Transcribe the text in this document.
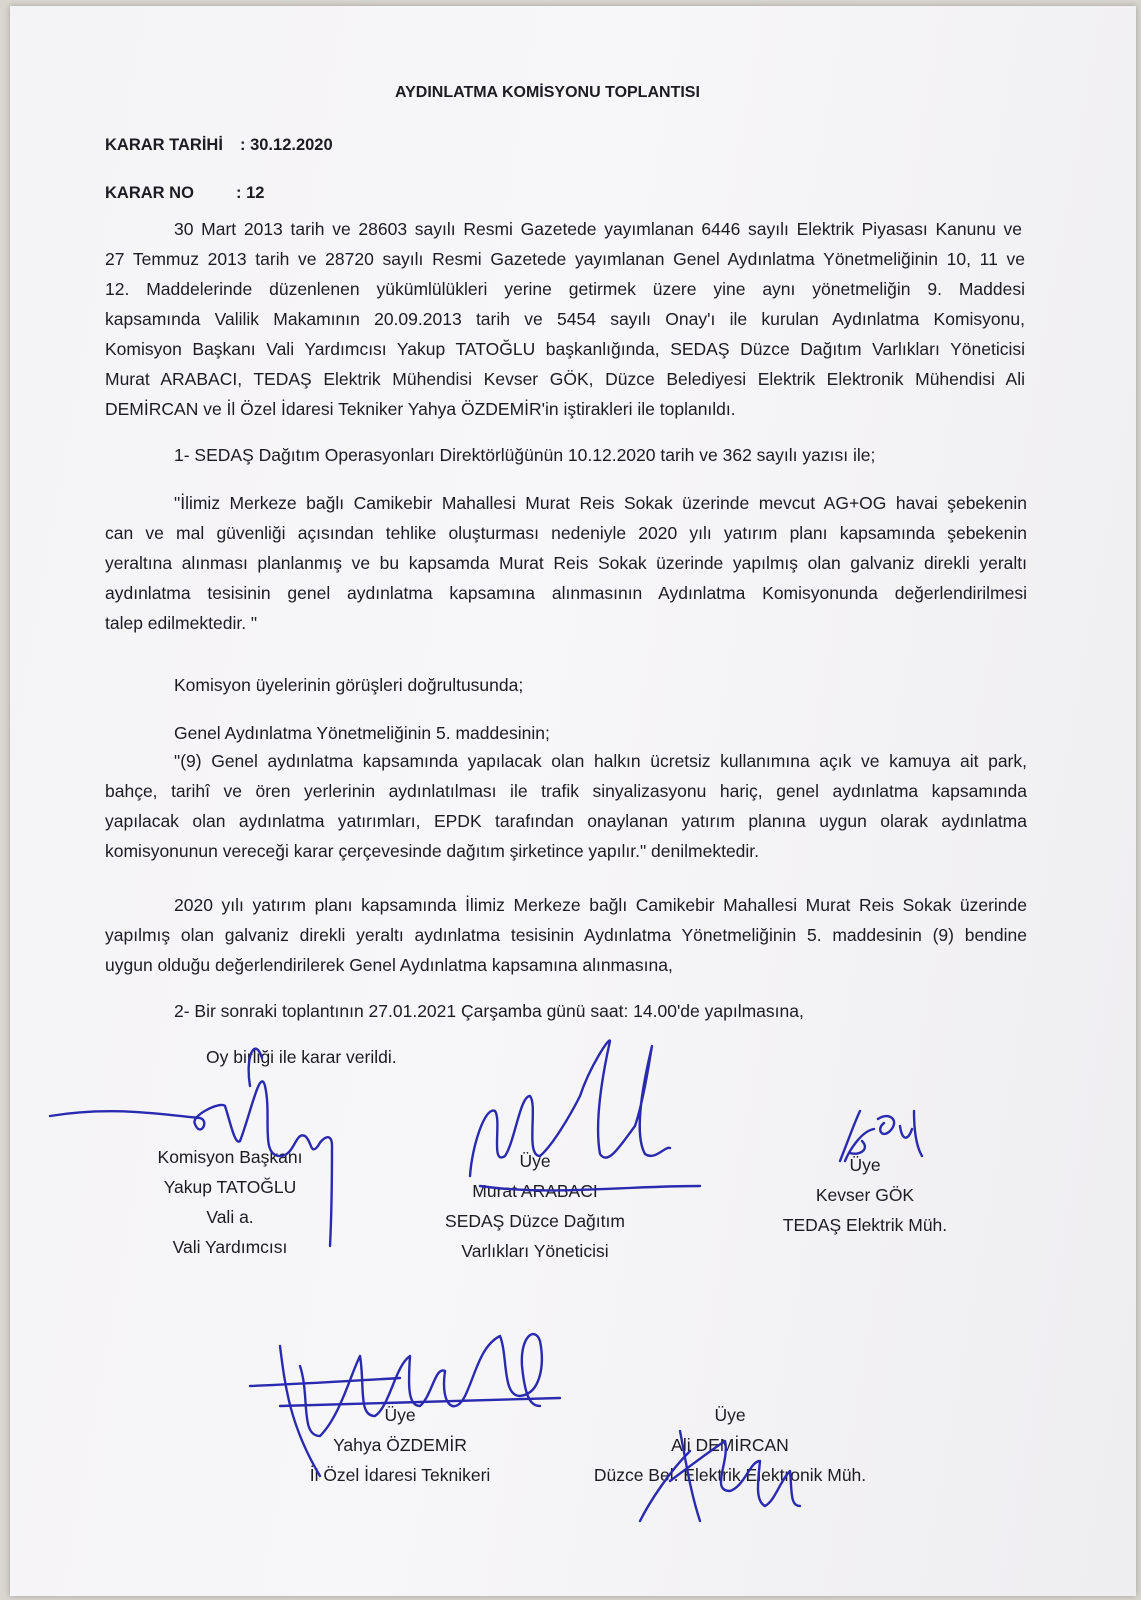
AYDINLATMA KOMİSYONU TOPLANTISI
KARAR TARİHİ : 30.12.2020
KARAR NO	: 12
30 Mart 2013 tarih ve 28603 sayılı Resmi Gazetede yayımlanan 6446 sayılı Elektrik Piyasası Kanunu ve
27 Temmuz 2013 tarih ve 28720 sayılı Resmi Gazetede yayımlanan Genel Aydınlatma Yönetmeliğinin 10, 11 ve
12. Maddelerinde düzenlenen yükümlülükleri yerine getirmek üzere yine aynı yönetmeliğin 9. Maddesi
kapsamında Valilik Makamının 20.09.2013 tarih ve 5454 sayılı Onay'ı ile kurulan Aydınlatma Komisyonu,
Komisyon Başkanı Vali Yardımcısı Yakup TATOĞLU başkanlığında, SEDAŞ Düzce Dağıtım Varlıkları Yöneticisi
Murat ARABACI, TEDAŞ Elektrik Mühendisi Kevser GÖK, Düzce Belediyesi Elektrik Elektronik Mühendisi Ali
DEMİRCAN ve İl Özel İdaresi Tekniker Yahya ÖZDEMİR'in iştirakleri ile toplanıldı.
1- SEDAŞ Dağıtım Operasyonları Direktörlüğünün 10.12.2020 tarih ve 362 sayılı yazısı ile;
"İlimiz Merkeze bağlı Camikebir Mahallesi Murat Reis Sokak üzerinde mevcut AG+OG havai şebekenin
can ve mal güvenliği açısından tehlike oluşturması nedeniyle 2020 yılı yatırım planı kapsamında şebekenin
yeraltına alınması planlanmış ve bu kapsamda Murat Reis Sokak üzerinde yapılmış olan galvaniz direkli yeraltı
aydınlatma tesisinin genel aydınlatma kapsamına alınmasının Aydınlatma Komisyonunda değerlendirilmesi
talep edilmektedir. "
Komisyon üyelerinin görüşleri doğrultusunda;
Genel Aydınlatma Yönetmeliğinin 5. maddesinin;
"(9) Genel aydınlatma kapsamında yapılacak olan halkın ücretsiz kullanımına açık ve kamuya ait park,
bahçe, tarihî ve ören yerlerinin aydınlatılması ile trafik sinyalizasyonu hariç, genel aydınlatma kapsamında
yapılacak olan aydınlatma yatırımları, EPDK tarafından onaylanan yatırım planına uygun olarak aydınlatma
komisyonunun vereceği karar çerçevesinde dağıtım şirketince yapılır." denilmektedir.
2020 yılı yatırım planı kapsamında İlimiz Merkeze bağlı Camikebir Mahallesi Murat Reis Sokak üzerinde
yapılmış olan galvaniz direkli yeraltı aydınlatma tesisinin Aydınlatma Yönetmeliğinin 5. maddesinin (9) bendine
uygun olduğu değerlendirilerek Genel Aydınlatma kapsamına alınmasına,
2- Bir sonraki toplantının 27.01.2021 Çarşamba günü saat: 14.00'de yapılmasına,
Oy birliği ile karar verildi.
Komisyon Başkanı
Yakup TATOĞLU
Vali a.
Vali Yardımcısı
Üye
Murat ARABACI
SEDAŞ Düzce Dağıtım
Varlıkları Yöneticisi
Üye
Kevser GÖK
TEDAŞ Elektrik Müh.
Üye
Yahya ÖZDEMİR
İl Özel İdaresi Teknikeri
Üye
Ali DEMİRCAN
Düzce Bel. Elektrik Elektronik Müh.
